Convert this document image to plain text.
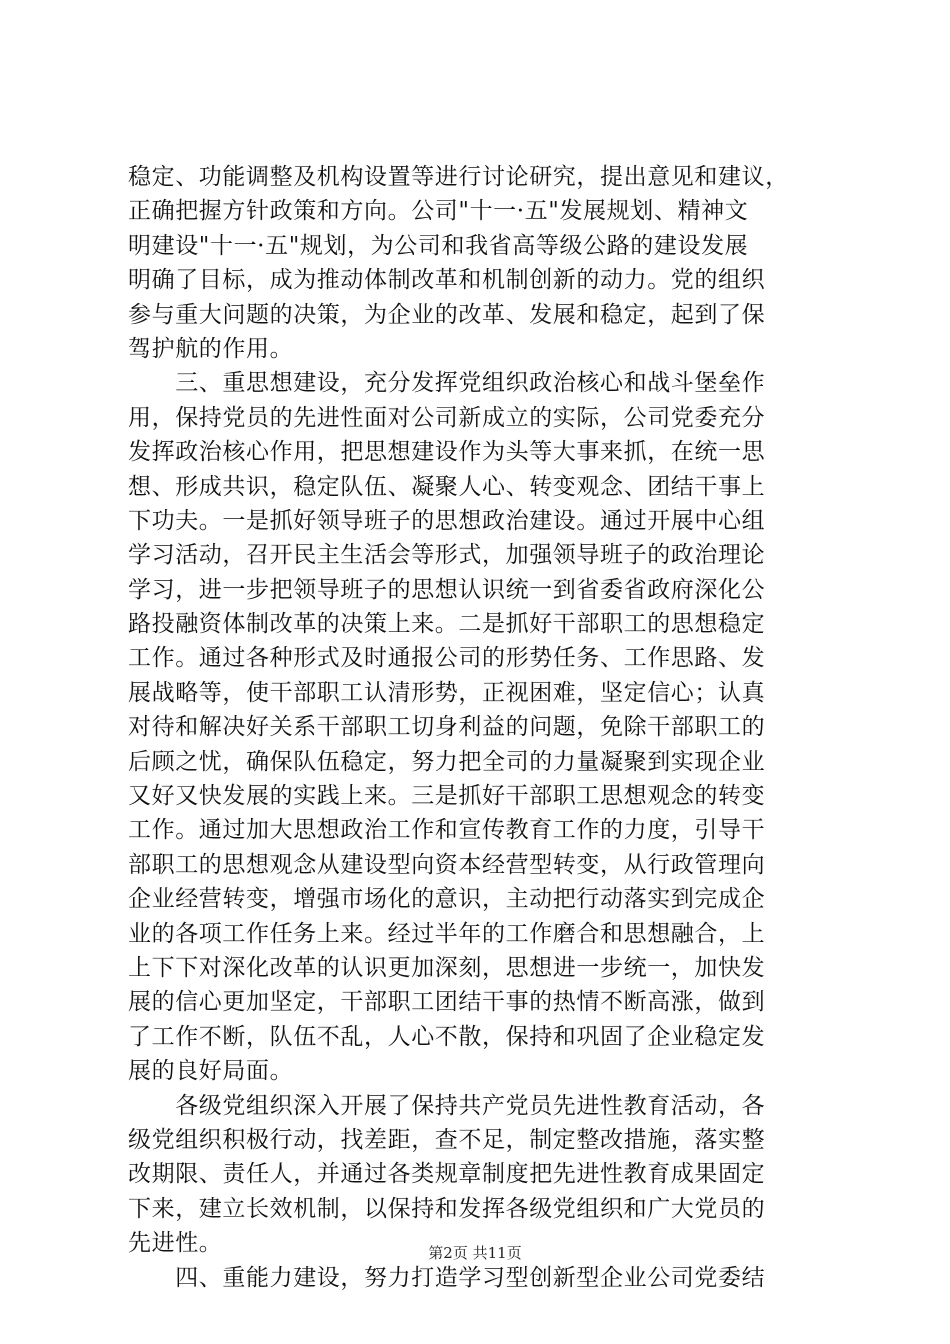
稳定、功能调整及机构设置等进行讨论研究，提出意见和建议，
正确把握方针政策和方向。公司"十一·五"发展规划、精神文
明建设"十一·五"规划，为公司和我省高等级公路的建设发展
明确了目标，成为推动体制改革和机制创新的动力。党的组织
参与重大问题的决策，为企业的改革、发展和稳定，起到了保
驾护航的作用。
　　三、重思想建设，充分发挥党组织政治核心和战斗堡垒作
用，保持党员的先进性面对公司新成立的实际，公司党委充分
发挥政治核心作用，把思想建设作为头等大事来抓，在统一思
想、形成共识，稳定队伍、凝聚人心、转变观念、团结干事上
下功夫。一是抓好领导班子的思想政治建设。通过开展中心组
学习活动，召开民主生活会等形式，加强领导班子的政治理论
学习，进一步把领导班子的思想认识统一到省委省政府深化公
路投融资体制改革的决策上来。二是抓好干部职工的思想稳定
工作。通过各种形式及时通报公司的形势任务、工作思路、发
展战略等，使干部职工认清形势，正视困难，坚定信心；认真
对待和解决好关系干部职工切身利益的问题，免除干部职工的
后顾之忧，确保队伍稳定，努力把全司的力量凝聚到实现企业
又好又快发展的实践上来。三是抓好干部职工思想观念的转变
工作。通过加大思想政治工作和宣传教育工作的力度，引导干
部职工的思想观念从建设型向资本经营型转变，从行政管理向
企业经营转变，增强市场化的意识，主动把行动落实到完成企
业的各项工作任务上来。经过半年的工作磨合和思想融合，上
上下下对深化改革的认识更加深刻，思想进一步统一，加快发
展的信心更加坚定，干部职工团结干事的热情不断高涨，做到
了工作不断，队伍不乱，人心不散，保持和巩固了企业稳定发
展的良好局面。
　　各级党组织深入开展了保持共产党员先进性教育活动，各
级党组织积极行动，找差距，查不足，制定整改措施，落实整
改期限、责任人，并通过各类规章制度把先进性教育成果固定
下来，建立长效机制，以保持和发挥各级党组织和广大党员的
先进性。
　　四、重能力建设，努力打造学习型创新型企业公司党委结
第2页 共11页
